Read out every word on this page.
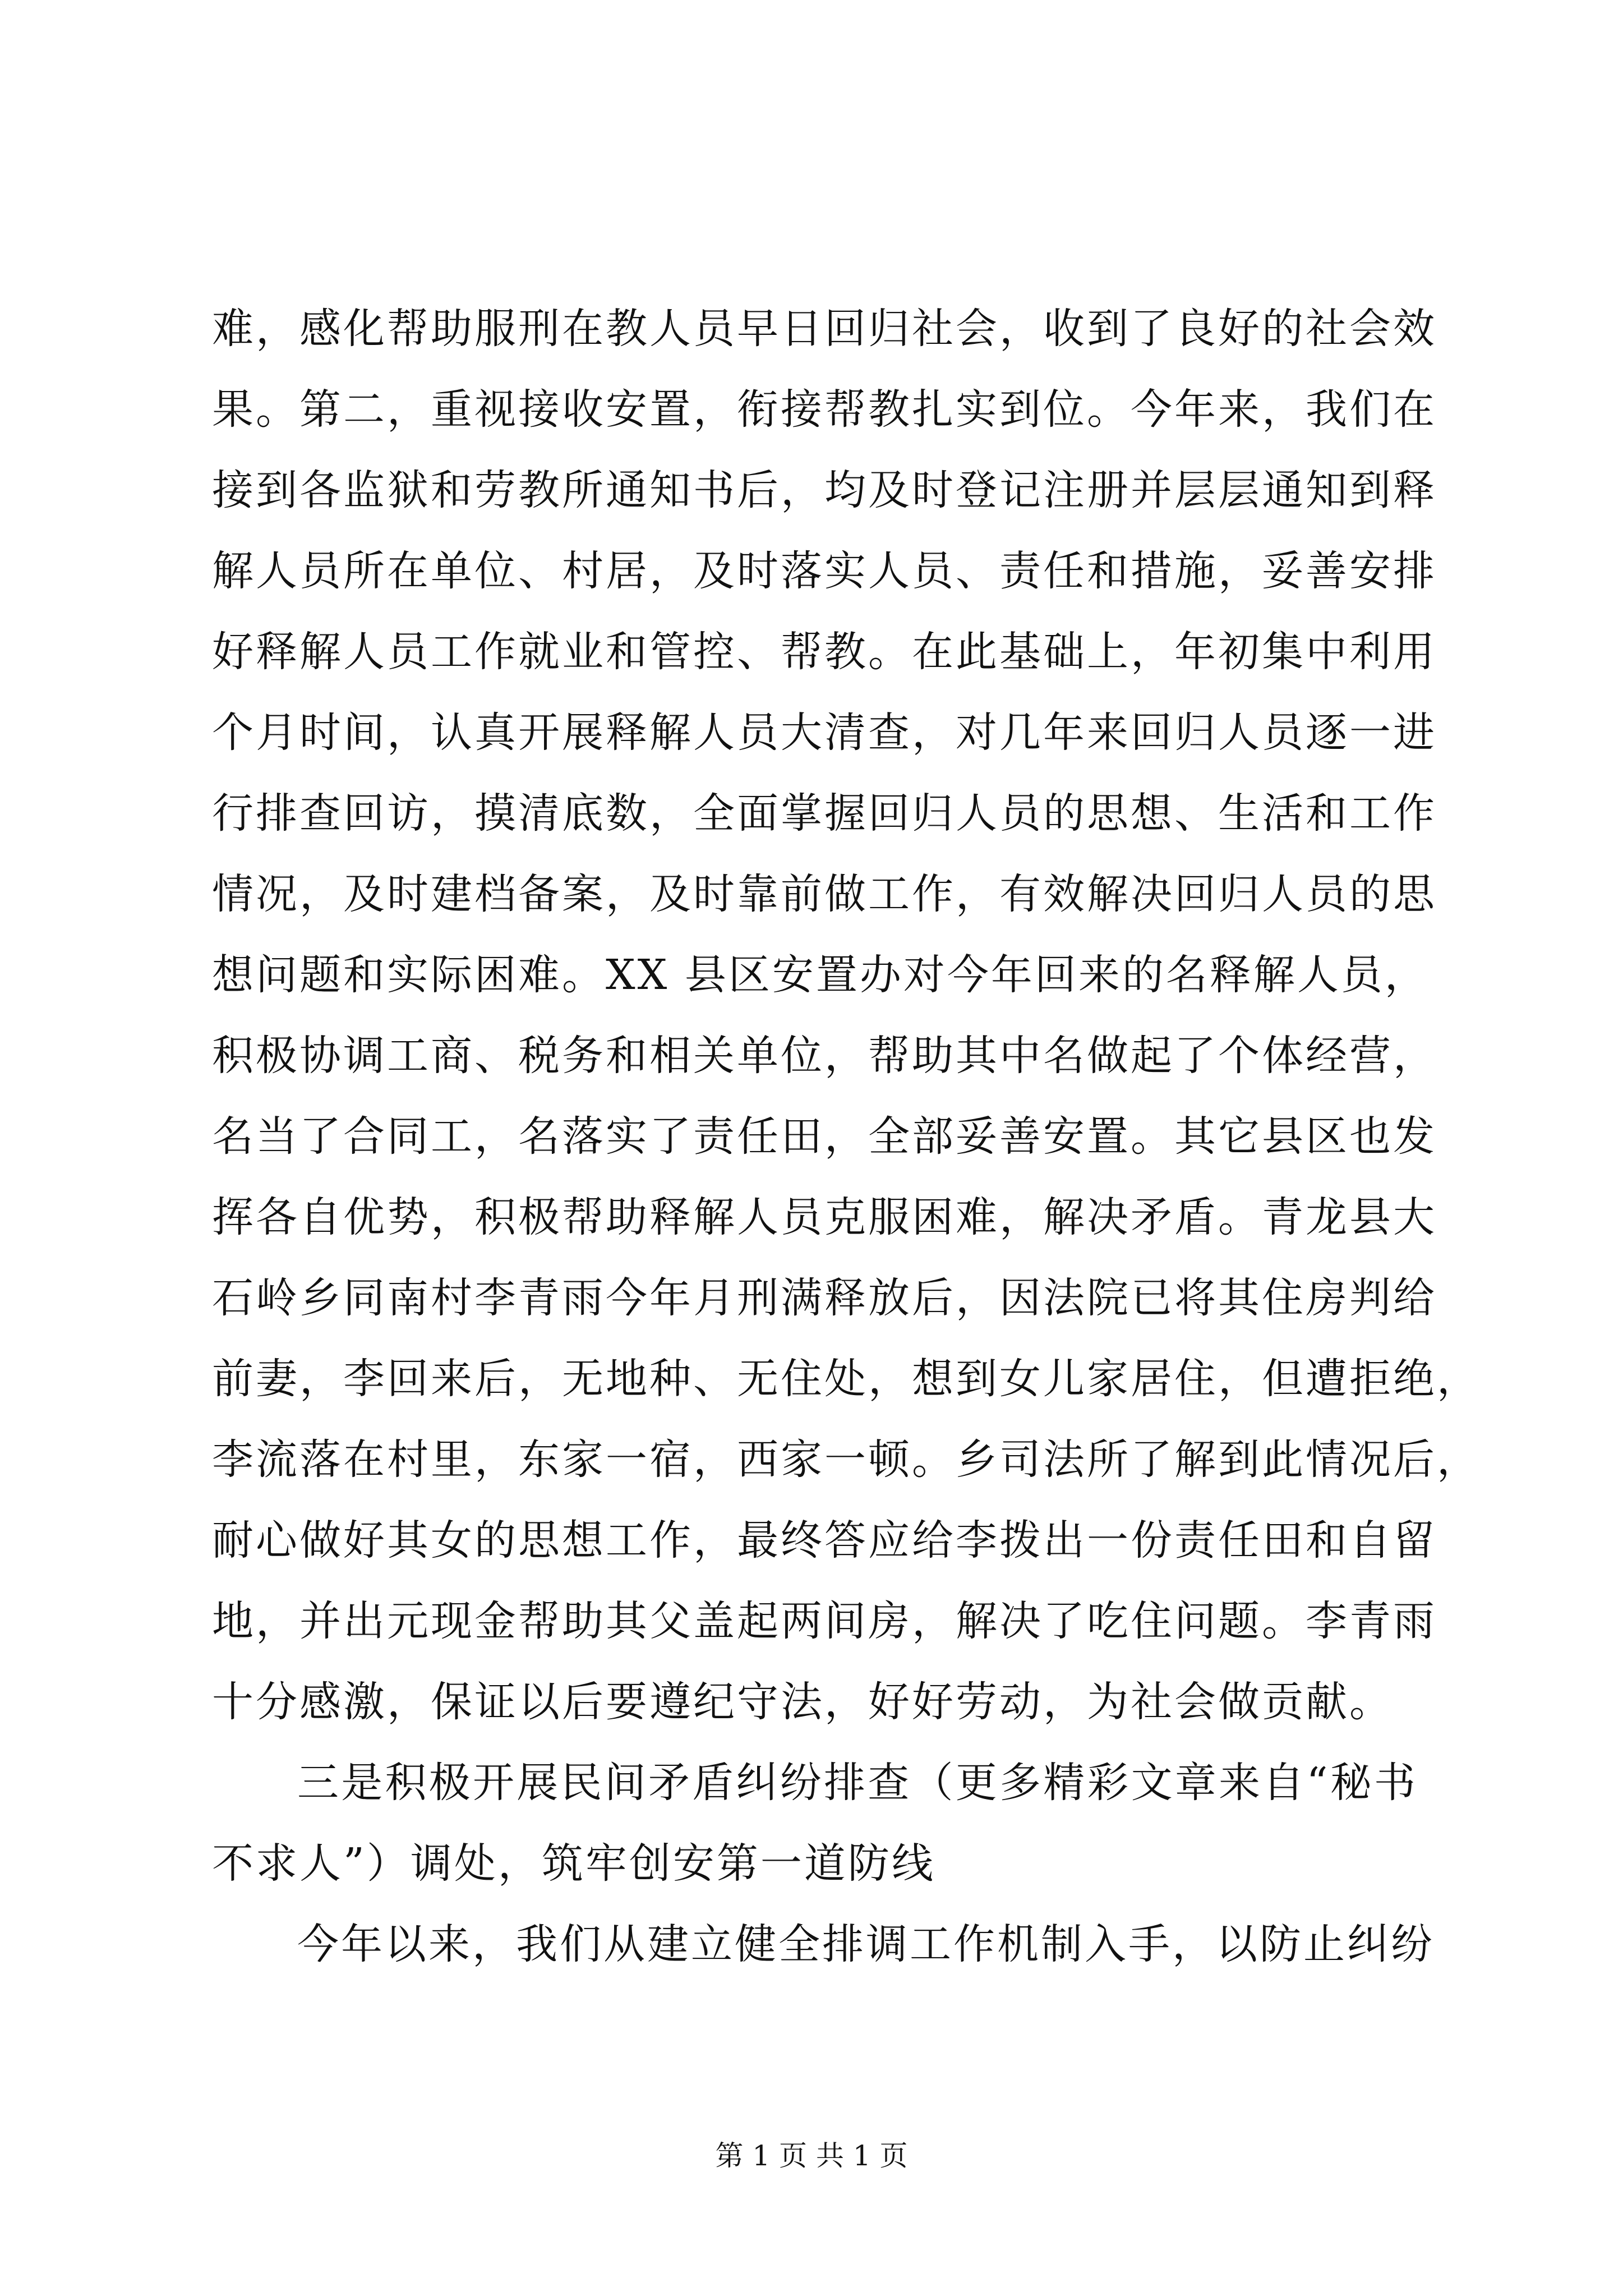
难，感化帮助服刑在教人员早日回归社会，收到了良好的社会效
果。第二，重视接收安置，衔接帮教扎实到位。今年来，我们在
接到各监狱和劳教所通知书后，均及时登记注册并层层通知到释
解人员所在单位、村居，及时落实人员、责任和措施，妥善安排
好释解人员工作就业和管控、帮教。在此基础上，年初集中利用
个月时间，认真开展释解人员大清查，对几年来回归人员逐一进
行排查回访，摸清底数，全面掌握回归人员的思想、生活和工作
情况，及时建档备案，及时靠前做工作，有效解决回归人员的思
想问题和实际困难。XX 县区安置办对今年回来的名释解人员，
积极协调工商、税务和相关单位，帮助其中名做起了个体经营，
名当了合同工，名落实了责任田，全部妥善安置。其它县区也发
挥各自优势，积极帮助释解人员克服困难，解决矛盾。青龙县大
石岭乡同南村李青雨今年月刑满释放后，因法院已将其住房判给
前妻，李回来后，无地种、无住处，想到女儿家居住，但遭拒绝，
李流落在村里，东家一宿，西家一顿。乡司法所了解到此情况后，
耐心做好其女的思想工作，最终答应给李拨出一份责任田和自留
地，并出元现金帮助其父盖起两间房，解决了吃住问题。李青雨
十分感激，保证以后要遵纪守法，好好劳动，为社会做贡献。
三是积极开展民间矛盾纠纷排查（更多精彩文章来自“秘书
不求人”）调处，筑牢创安第一道防线
今年以来，我们从建立健全排调工作机制入手，以防止纠纷
第 1 页 共 1 页
